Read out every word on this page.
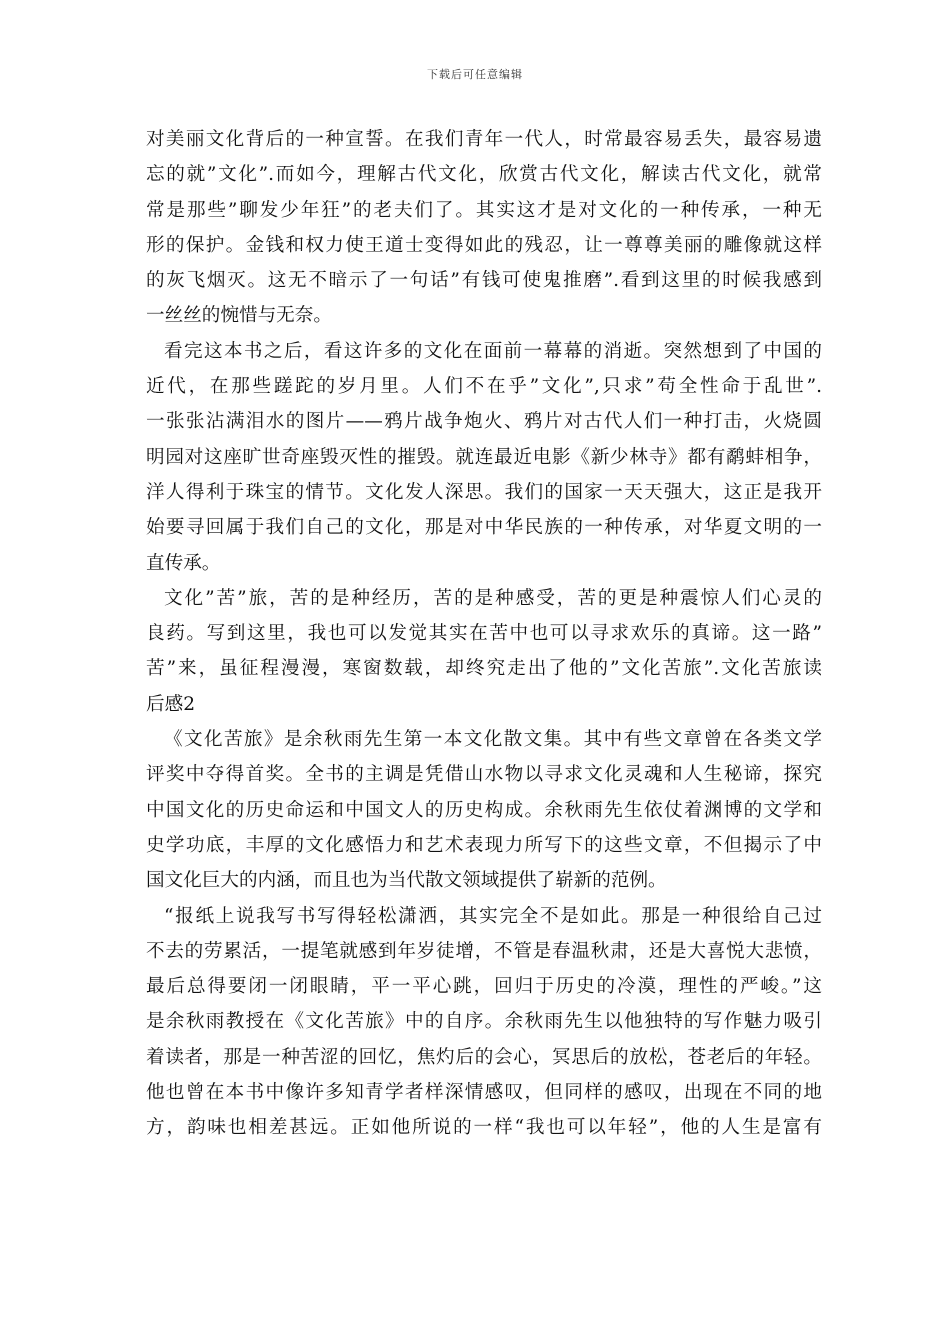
下载后可任意编辑
对美丽文化背后的一种宣誓。在我们青年一代人，时常最容易丢失，最容易遗
忘的就”文化”.而如今，理解古代文化，欣赏古代文化，解读古代文化，就常
常是那些”聊发少年狂”的老夫们了。其实这才是对文化的一种传承，一种无
形的保护。金钱和权力使王道士变得如此的残忍，让一尊尊美丽的雕像就这样
的灰飞烟灭。这无不暗示了一句话”有钱可使鬼推磨”.看到这里的时候我感到
一丝丝的惋惜与无奈。
看完这本书之后，看这许多的文化在面前一幕幕的消逝。突然想到了中国的
近代，在那些蹉跎的岁月里。人们不在乎”文化”,只求”苟全性命于乱世”.
一张张沾满泪水的图片——鸦片战争炮火、鸦片对古代人们一种打击，火烧圆
明园对这座旷世奇座毁灭性的摧毁。就连最近电影《新少林寺》都有鹬蚌相争，
洋人得利于珠宝的情节。文化发人深思。我们的国家一天天强大，这正是我开
始要寻回属于我们自己的文化，那是对中华民族的一种传承，对华夏文明的一
直传承。
文化”苦”旅，苦的是种经历，苦的是种感受，苦的更是种震惊人们心灵的
良药。写到这里，我也可以发觉其实在苦中也可以寻求欢乐的真谛。这一路”
苦”来，虽征程漫漫，寒窗数载，却终究走出了他的”文化苦旅”.文化苦旅读
后感2
《文化苦旅》是余秋雨先生第一本文化散文集。其中有些文章曾在各类文学
评奖中夺得首奖。全书的主调是凭借山水物以寻求文化灵魂和人生秘谛，探究
中国文化的历史命运和中国文人的历史构成。余秋雨先生依仗着渊博的文学和
史学功底，丰厚的文化感悟力和艺术表现力所写下的这些文章，不但揭示了中
国文化巨大的内涵，而且也为当代散文领域提供了崭新的范例。
“报纸上说我写书写得轻松潇洒，其实完全不是如此。那是一种很给自己过
不去的劳累活，一提笔就感到年岁徒增，不管是春温秋肃，还是大喜悦大悲愤，
最后总得要闭一闭眼睛，平一平心跳，回归于历史的冷漠，理性的严峻。”这
是余秋雨教授在《文化苦旅》中的自序。余秋雨先生以他独特的写作魅力吸引
着读者，那是一种苦涩的回忆，焦灼后的会心，冥思后的放松，苍老后的年轻。
他也曾在本书中像许多知青学者样深情感叹，但同样的感叹，出现在不同的地
方，韵味也相差甚远。正如他所说的一样“我也可以年轻”，他的人生是富有
